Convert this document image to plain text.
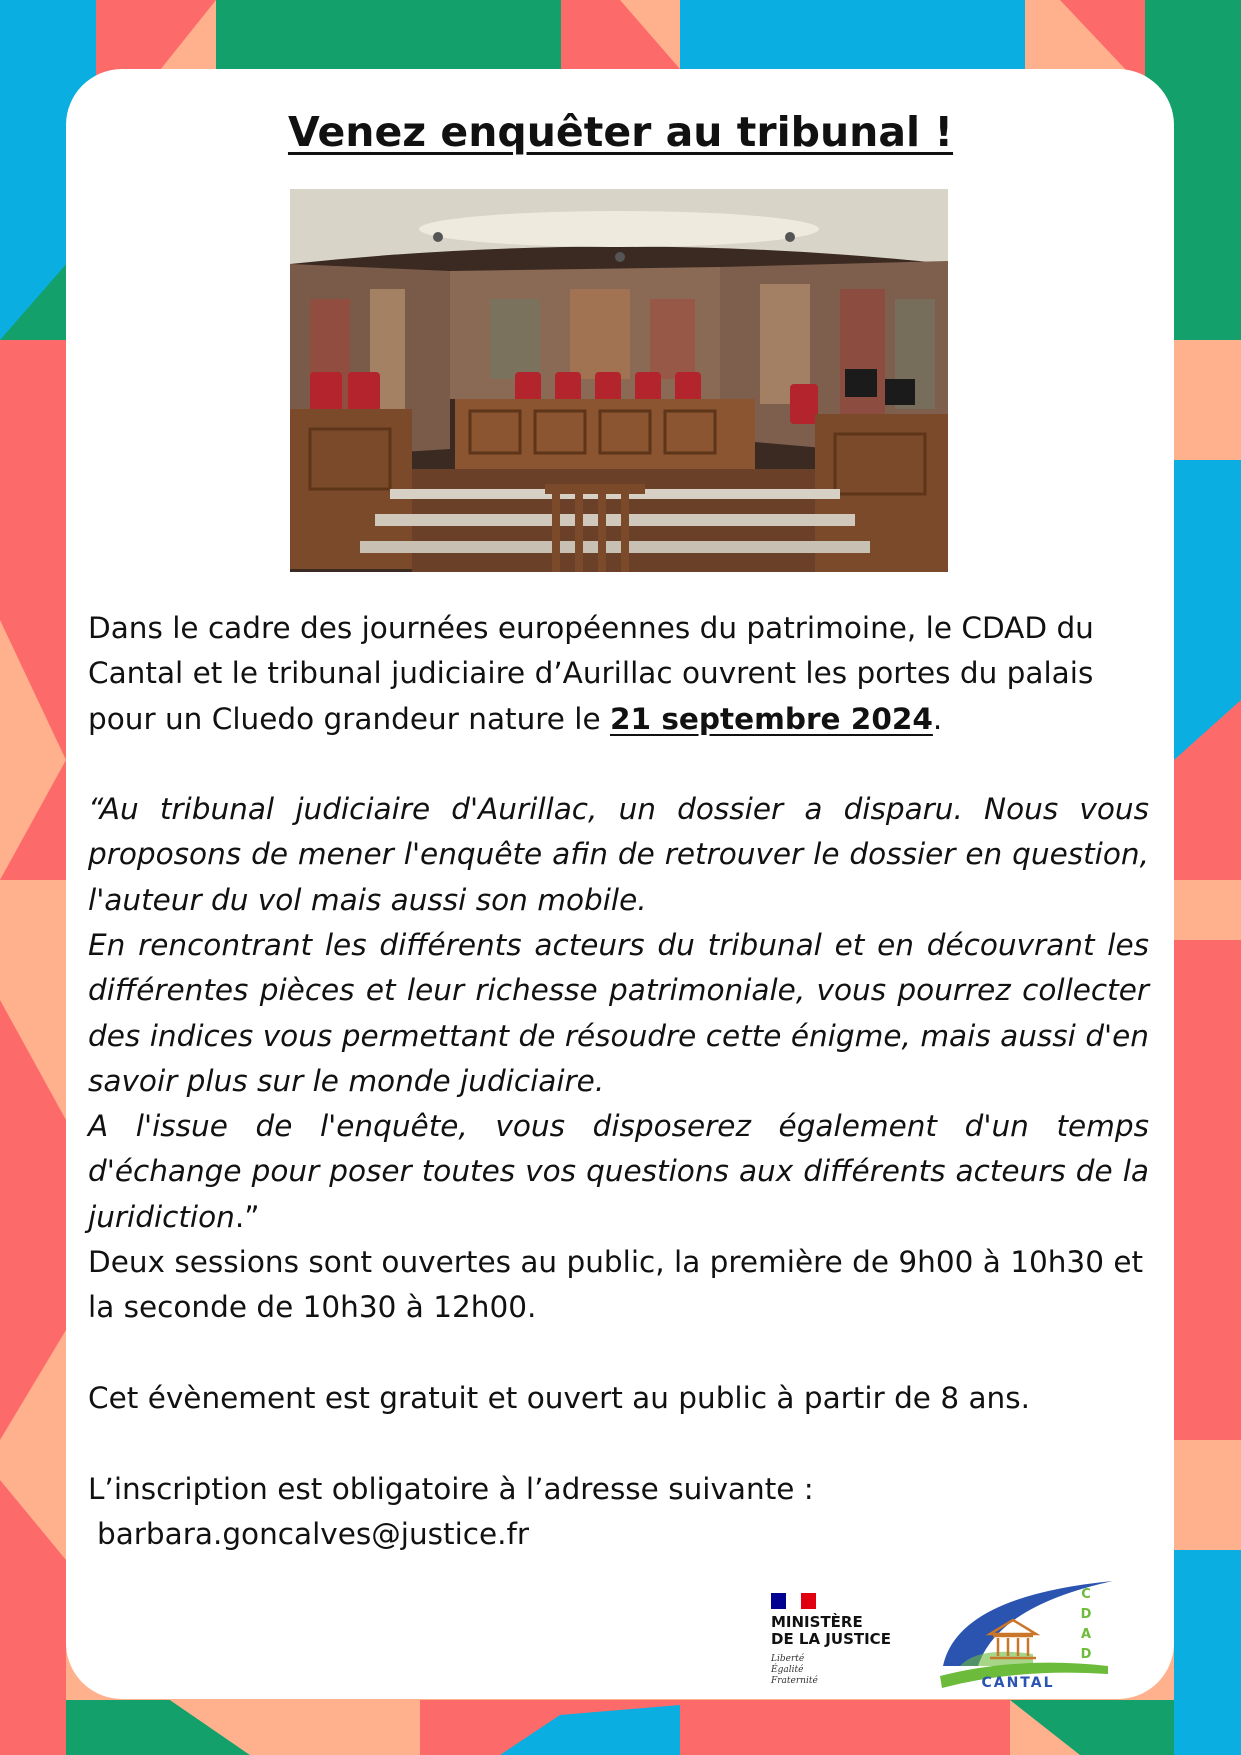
Venez enquêter au tribunal !
Dans le cadre des journées européennes du patrimoine, le CDAD du Cantal et le tribunal judiciaire d’Aurillac ouvrent les portes du palais pour un Cluedo grandeur nature le 21 septembre 2024.
“Au tribunal judiciaire d'Aurillac, un dossier a disparu. Nous vous proposons de mener l'enquête afin de retrouver le dossier en question, l'auteur du vol mais aussi son mobile.
En rencontrant les différents acteurs du tribunal et en découvrant les différentes pièces et leur richesse patrimoniale, vous pourrez collecter des indices vous permettant de résoudre cette énigme, mais aussi d'en savoir plus sur le monde judiciaire.
A l'issue de l'enquête, vous disposerez également d'un temps d'échange pour poser toutes vos questions aux différents acteurs de la juridiction.”
Deux sessions sont ouvertes au public, la première de 9h00 à 10h30 et la seconde de 10h30 à 12h00.
Cet évènement est gratuit et ouvert au public à partir de 8 ans.
L’inscription est obligatoire à l’adresse suivante :
barbara.goncalves@justice.fr
MINISTÈRE
DE LA JUSTICE
Liberté
Égalité
Fraternité
C
D
A
D
CANTAL
